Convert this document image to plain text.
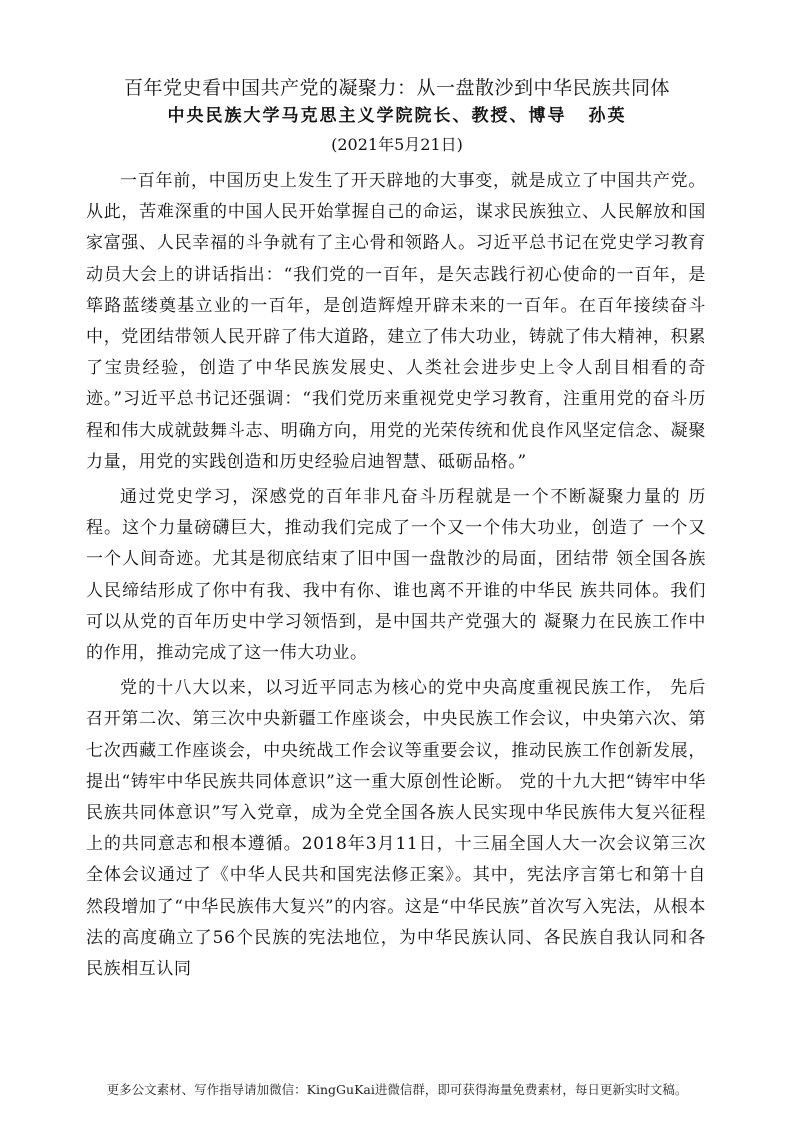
百年党史看中国共产党的凝聚力：从一盘散沙到中华民族共同体
中央民族大学马克思主义学院院长、教授、博导 孙英
(2021年5月21日)

一百年前，中国历史上发生了开天辟地的大事变，就是成立了中国共产党。从此，苦难深重的中国人民开始掌握自己的命运，谋求民族独立、人民解放和国家富强、人民幸福的斗争就有了主心骨和领路人。习近平总书记在党史学习教育动员大会上的讲话指出：“我们党的一百年，是矢志践行初心使命的一百年，是筚路蓝缕奠基立业的一百年，是创造辉煌开辟未来的一百年。在百年接续奋斗中，党团结带领人民开辟了伟大道路，建立了伟大功业，铸就了伟大精神，积累了宝贵经验，创造了中华民族发展史、人类社会进步史上令人刮目相看的奇迹。”习近平总书记还强调：“我们党历来重视党史学习教育，注重用党的奋斗历程和伟大成就鼓舞斗志、明确方向，用党的光荣传统和优良作风坚定信念、凝聚力量，用党的实践创造和历史经验启迪智慧、砥砺品格。”

通过党史学习，深感党的百年非凡奋斗历程就是一个不断凝聚力量的 历程。这个力量磅礴巨大，推动我们完成了一个又一个伟大功业，创造了 一个又一个人间奇迹。尤其是彻底结束了旧中国一盘散沙的局面，团结带 领全国各族人民缔结形成了你中有我、我中有你、谁也离不开谁的中华民 族共同体。我们可以从党的百年历史中学习领悟到，是中国共产党强大的 凝聚力在民族工作中的作用，推动完成了这一伟大功业。

党的十八大以来，以习近平同志为核心的党中央高度重视民族工作， 先后召开第二次、第三次中央新疆工作座谈会，中央民族工作会议，中央第六次、第七次西藏工作座谈会，中央统战工作会议等重要会议，推动民族工作创新发展，提出“铸牢中华民族共同体意识”这一重大原创性论断。 党的十九大把“铸牢中华民族共同体意识”写入党章，成为全党全国各族人民实现中华民族伟大复兴征程上的共同意志和根本遵循。2018年3月11日，十三届全国人大一次会议第三次全体会议通过了《中华人民共和国宪法修正案》。其中，宪法序言第七和第十自然段增加了“中华民族伟大复兴”的内容。这是“中华民族”首次写入宪法，从根本法的高度确立了56个民族的宪法地位，为中华民族认同、各民族自我认同和各民族相互认同

更多公文素材、写作指导请加微信：KingGuKai进微信群，即可获得海量免费素材，每日更新实时文稿。
